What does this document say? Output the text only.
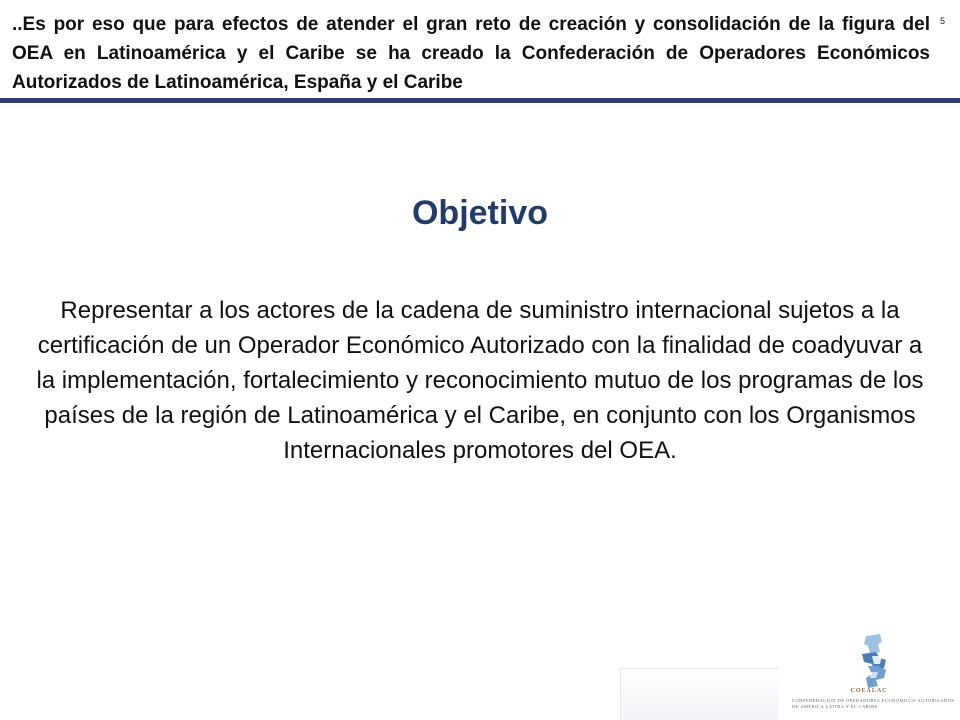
..Es por eso que para efectos de atender el gran reto de creación y consolidación de la figura del OEA en Latinoamérica y el Caribe se ha creado la Confederación de Operadores Económicos Autorizados de Latinoamérica, España y el Caribe

5
Objetivo

Representar a los actores de la cadena de suministro internacional sujetos a la certificación de un Operador Económico Autorizado con la finalidad de coadyuvar a la implementación, fortalecimiento y reconocimiento mutuo de los programas de los países de la región de Latinoamérica y el Caribe, en conjunto con los Organismos Internacionales promotores del OEA.

COEALAC
CONFEDERACIÓN DE OPERADORES ECONÓMICOS AUTORIZADOS
DE AMÉRICA LATINA Y EL CARIBE
